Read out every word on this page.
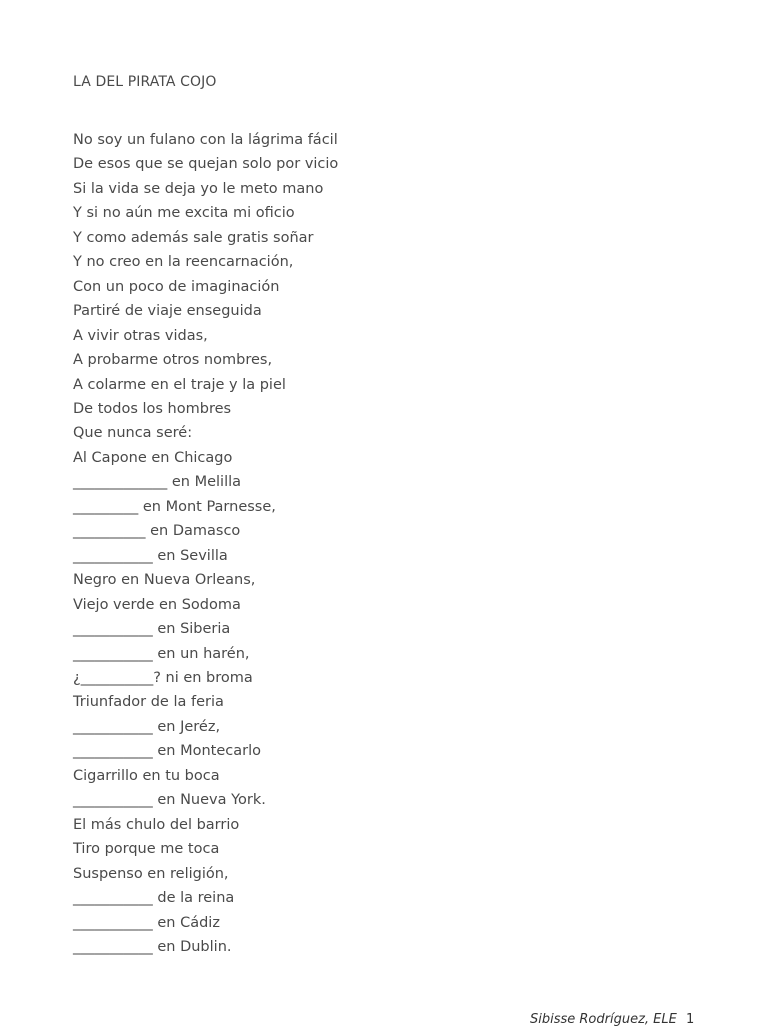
LA DEL PIRATA COJO
No soy un fulano con la lágrima fácil
De esos que se quejan solo por vicio
Si la vida se deja yo le meto mano
Y si no aún me excita mi oficio
Y como además sale gratis soñar
Y no creo en la reencarnación,
Con un poco de imaginación
Partiré de viaje enseguida
A vivir otras vidas,
A probarme otros nombres,
A colarme en el traje y la piel
De todos los hombres
Que nunca seré:
Al Capone en Chicago
_____________ en Melilla
_________ en Mont Parnesse,
__________ en Damasco
___________ en Sevilla
Negro en Nueva Orleans,
Viejo verde en Sodoma
___________ en Siberia
___________ en un harén,
¿__________? ni en broma
Triunfador de la feria
___________ en Jeréz,
___________ en Montecarlo
Cigarrillo en tu boca
___________ en Nueva York.
El más chulo del barrio
Tiro porque me toca
Suspenso en religión,
___________ de la reina
___________ en Cádiz
___________ en Dublin.
Sibisse Rodríguez, ELE 1
